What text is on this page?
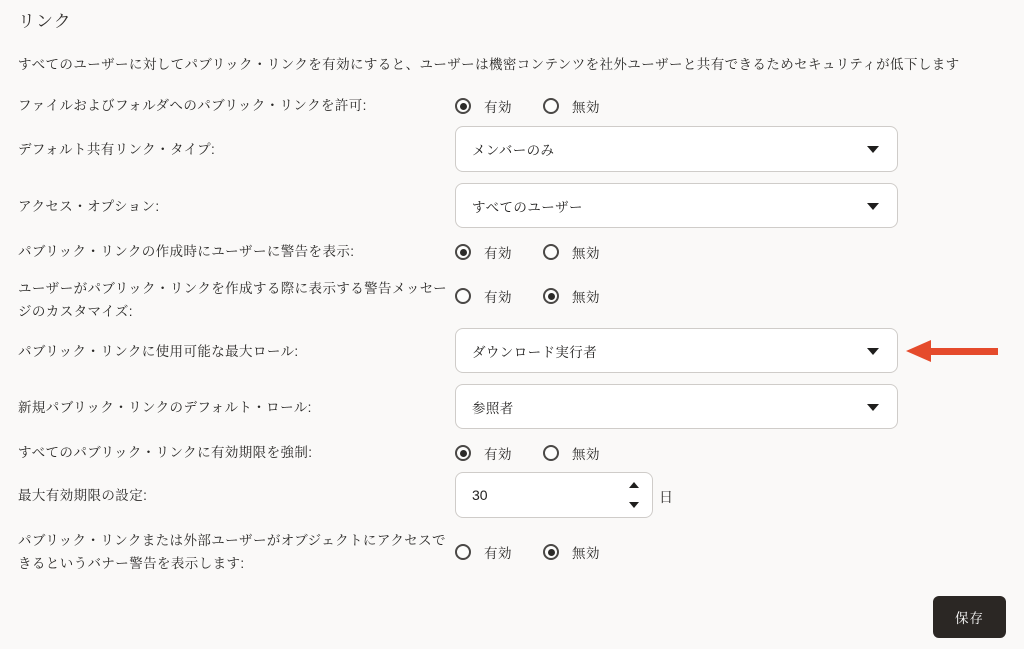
リンク
すべてのユーザーに対してパブリック・リンクを有効にすると、ユーザーは機密コンテンツを社外ユーザーと共有できるためセキュリティが低下します
ファイルおよびフォルダへのパブリック・リンクを許可:	有効	無効
デフォルト共有リンク・タイプ:	メンバーのみ
アクセス・オプション:	すべてのユーザー
パブリック・リンクの作成時にユーザーに警告を表示:	有効	無効
ユーザーがパブリック・リンクを作成する際に表示する警告メッセージのカスタマイズ:
有効	無効
パブリック・リンクに使用可能な最大ロール:	ダウンロード実行者
新規パブリック・リンクのデフォルト・ロール:	参照者
すべてのパブリック・リンクに有効期限を強制:	有効	無効
最大有効期限の設定:
30	日
パブリック・リンクまたは外部ユーザーがオブジェクトにアクセスできるというバナー警告を表示します:
有効	無効
保存
